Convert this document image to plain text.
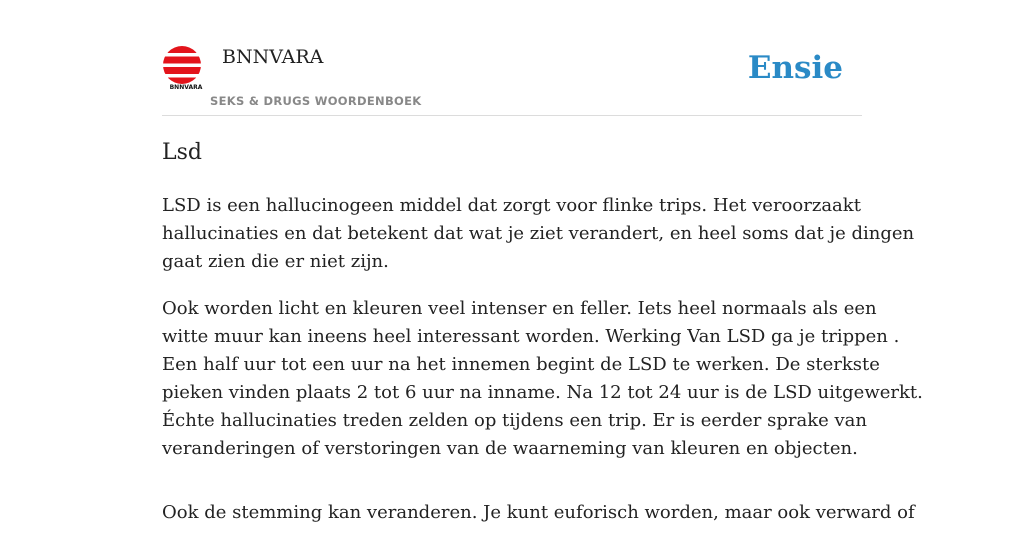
BNNVARA
BNNVARA
SEKS & DRUGS WOORDENBOEK
Ensie
Lsd

LSD is een hallucinogeen middel dat zorgt voor flinke trips. Het veroorzaakt
hallucinaties en dat betekent dat wat je ziet verandert, en heel soms dat je dingen
gaat zien die er niet zijn.

Ook worden licht en kleuren veel intenser en feller. Iets heel normaals als een
witte muur kan ineens heel interessant worden. Werking Van LSD ga je trippen .
Een half uur tot een uur na het innemen begint de LSD te werken. De sterkste
pieken vinden plaats 2 tot 6 uur na inname. Na 12 tot 24 uur is de LSD uitgewerkt.
Échte hallucinaties treden zelden op tijdens een trip. Er is eerder sprake van
veranderingen of verstoringen van de waarneming van kleuren en objecten.

Ook de stemming kan veranderen. Je kunt euforisch worden, maar ook verward of
